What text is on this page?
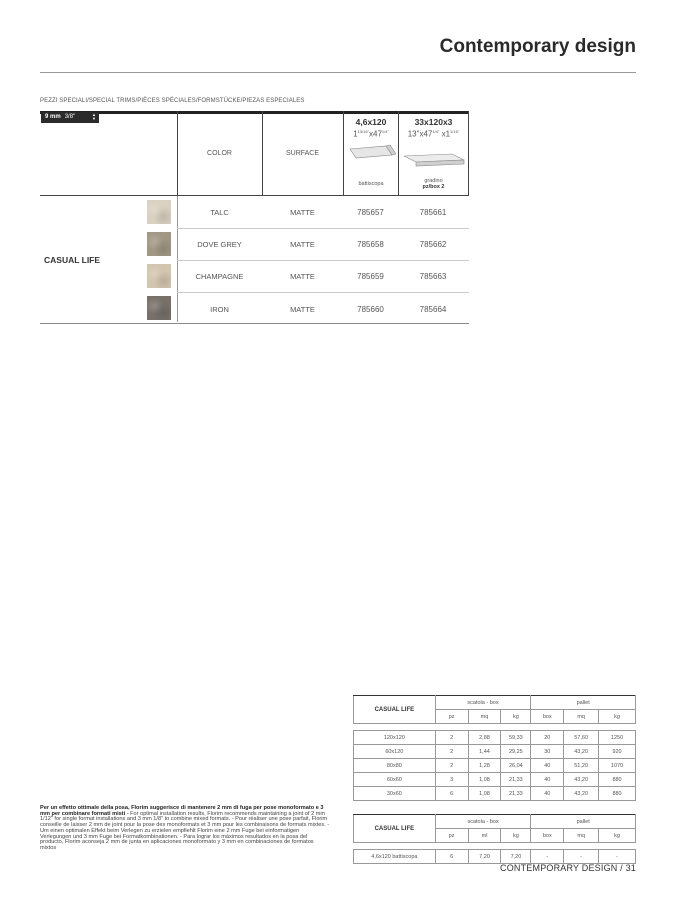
Contemporary design
PEZZI SPECIALI/SPECIAL TRIMS/PIÈCES SPÉCIALES/FORMSTÜCKE/PIEZAS ESPECIALES
9 mm 3/8"	▲
▼
COLOR	SURFACE
4,6x120
$1^{13/16"}x47^{1/4"}$
battiscopa
33x120x3
$13"x47^{1/4"}$ $x1^{1/16"}$
gradino
pz/box 2
CASUAL LIFE
TALC	MATTE	785657	785661
DOVE GREY	MATTE	785658	785662
CHAMPAGNE	MATTE	785659	785663
IRON	MATTE	785660	785664
CASUAL LIFE	scatola - box			pallet		
	pz	mq	kg	box	mq	kg

120x120	2	2,88	59,33	20	57,60	1250
60x120	2	1,44	29,25	30	43,20	920
80x80	2	1,28	26,04	40	51,20	1070
60x60	3	1,08	21,33	40	43,20	880
30x60	6	1,08	21,33	40	43,20	880
CASUAL LIFE	scatola - box			pallet		
	pz	ml	kg	box	mq	kg

4,6x120 battiscopa	6	7,20	7,20	-	-	-
Per un effetto ottimale della posa, Florim suggerisce di mantenere 2 mm di fuga per pose monoformato e 3 mm per combinare formati misti - For optimal installation results, Florim recommends maintaining a joint of 2 mm 1/12" for single format installations and 3 mm 1/8" to combine mixed formats. - Pour réaliser une pose parfait, Florim conseille de laisser 2 mm de joint pour la pose des monoformats et 3 mm pour les combinaisons de formats mixtes. - Um einen optimalen Effekt beim Verlegen zu erzielen empfiehlt Florim eine 2 mm Fuge bei einformatigen Verlegungen und 3 mm Fuge bei Formatkombinationen. - Para lograr los máximos resultados en la posa del producto, Florim aconseja 2 mm de junta en aplicaciones monoformato y 3 mm en combinaciones de formatos mixtos
CONTEMPORARY DESIGN / 31
